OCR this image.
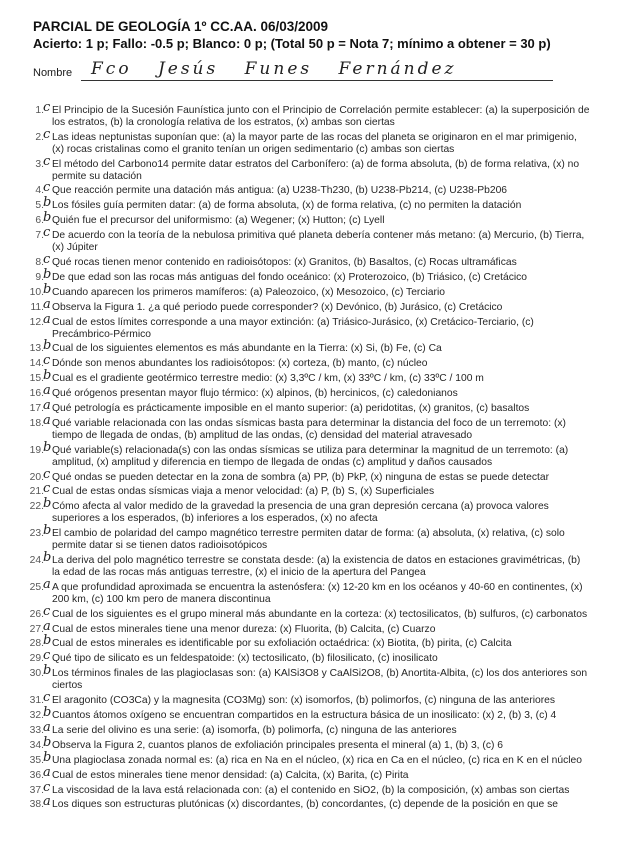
PARCIAL DE GEOLOGÍA 1º CC.AA. 06/03/2009
Acierto: 1 p; Fallo: -0.5 p; Blanco: 0 p; (Total 50 p = Nota 7; mínimo a obtener = 30 p)
Nombre Fco Jesús Funes Fernández
1. c El Principio de la Sucesión Faunística junto con el Principio de Correlación permite establecer: (a) la superposición de los estratos, (b) la cronología relativa de los estratos, (x) ambas son ciertas
2. c Las ideas neptunistas suponían que: (a) la mayor parte de las rocas del planeta se originaron en el mar primigenio, (x) rocas cristalinas como el granito tenían un origen sedimentario (c) ambas son ciertas
3. c El método del Carbono14 permite datar estratos del Carbonífero: (a) de forma absoluta, (b) de forma relativa, (x) no permite su datación
4. c Que reacción permite una datación más antigua: (a) U238-Th230, (b) U238-Pb214, (c) U238-Pb206
5. b Los fósiles guía permiten datar: (a) de forma absoluta, (x) de forma relativa, (c) no permiten la datación
6. b Quién fue el precursor del uniformismo: (a) Wegener; (x) Hutton; (c) Lyell
7. c De acuerdo con la teoría de la nebulosa primitiva qué planeta debería contener más metano: (a) Mercurio, (b) Tierra, (x) Júpiter
8. c Qué rocas tienen menor contenido en radioisótopos: (x) Granitos, (b) Basaltos, (c) Rocas ultramáficas
9. b De que edad son las rocas más antiguas del fondo oceánico: (x) Proterozoico, (b) Triásico, (c) Cretácico
10. b Cuando aparecen los primeros mamíferos: (a) Paleozoico, (x) Mesozoico, (c) Terciario
11. a Observa la Figura 1. ¿a qué periodo puede corresponder? (x) Devónico, (b) Jurásico, (c) Cretácico
12. a Cual de estos límites corresponde a una mayor extinción: (a) Triásico-Jurásico, (x) Cretácico-Terciario, (c) Precámbrico-Pérmico
13. b Cual de los siguientes elementos es más abundante en la Tierra: (x) Si, (b) Fe, (c) Ca
14. c Dónde son menos abundantes los radioisótopos: (x) corteza, (b) manto, (c) núcleo
15. b Cual es el gradiente geotérmico terrestre medio: (x) 3,3ºC / km, (x) 33ºC / km, (c) 33ºC / 100 m
16. a Qué orógenos presentan mayor flujo térmico: (x) alpinos, (b) hercinicos, (c) caledonianos
17. a Qué petrología es prácticamente imposible en el manto superior: (a) peridotitas, (x) granitos, (c) basaltos
18. a Qué variable relacionada con las ondas sísmicas basta para determinar la distancia del foco de un terremoto: (x) tiempo de llegada de ondas, (b) amplitud de las ondas, (c) densidad del material atravesado
19. b Qué variable(s) relacionada(s) con las ondas sísmicas se utiliza para determinar la magnitud de un terremoto: (a) amplitud, (x) amplitud y diferencia en tiempo de llegada de ondas (c) amplitud y daños causados
20. c Qué ondas se pueden detectar en la zona de sombra (a) PP, (b) PkP, (x) ninguna de estas se puede detectar
21. c Cual de estas ondas sísmicas viaja a menor velocidad: (a) P, (b) S, (x) Superficiales
22. b Cómo afecta al valor medido de la gravedad la presencia de una gran depresión cercana (a) provoca valores superiores a los esperados, (b) inferiores a los esperados, (x) no afecta
23. b El cambio de polaridad del campo magnético terrestre permiten datar de forma: (a) absoluta, (x) relativa, (c) solo permite datar si se tienen datos radioisotópicos
24. b La deriva del polo magnético terrestre se constata desde: (a) la existencia de datos en estaciones gravimétricas, (b) la edad de las rocas más antiguas terrestre, (x) el inicio de la apertura del Pangea
25. a A que profundidad aproximada se encuentra la astenósfera: (x) 12-20 km en los océanos y 40-60 en continentes, (x) 200 km, (c) 100 km pero de manera discontinua
26. c Cual de los siguientes es el grupo mineral más abundante en la corteza: (x) tectosilicatos, (b) sulfuros, (c) carbonatos
27. a Cual de estos minerales tiene una menor dureza: (x) Fluorita, (b) Calcita, (c) Cuarzo
28. b Cual de estos minerales es identificable por su exfoliación octaédrica: (x) Biotita, (b) pirita, (c) Calcita
29. c Qué tipo de silicato es un feldespatoide: (x) tectosilicato, (b) filosilicato, (c) inosilicato
30. b Los términos finales de las plagioclasas son: (a) KAlSi3O8 y CaAlSi2O8, (b) Anortita-Albita, (c) los dos anteriores son ciertos
31. c El aragonito (CO3Ca) y la magnesita (CO3Mg) son: (x) isomorfos, (b) polimorfos, (c) ninguna de las anteriores
32. b Cuantos átomos oxígeno se encuentran compartidos en la estructura básica de un inosilicato: (x) 2, (b) 3, (c) 4
33. a La serie del olivino es una serie: (a) isomorfa, (b) polimorfa, (c) ninguna de las anteriores
34. b Observa la Figura 2, cuantos planos de exfoliación principales presenta el mineral (a) 1, (b) 3, (c) 6
35. b Una plagioclasa zonada normal es: (a) rica en Na en el núcleo, (x) rica en Ca en el núcleo, (c) rica en K en el núcleo
36. a Cual de estos minerales tiene menor densidad: (a) Calcita, (x) Barita, (c) Pirita
37. c La viscosidad de la lava está relacionada con: (a) el contenido en SiO2, (b) la composición, (x) ambas son ciertas
38. a Los diques son estructuras plutónicas (x) discordantes, (b) concordantes, (c) depende de la posición en que se
